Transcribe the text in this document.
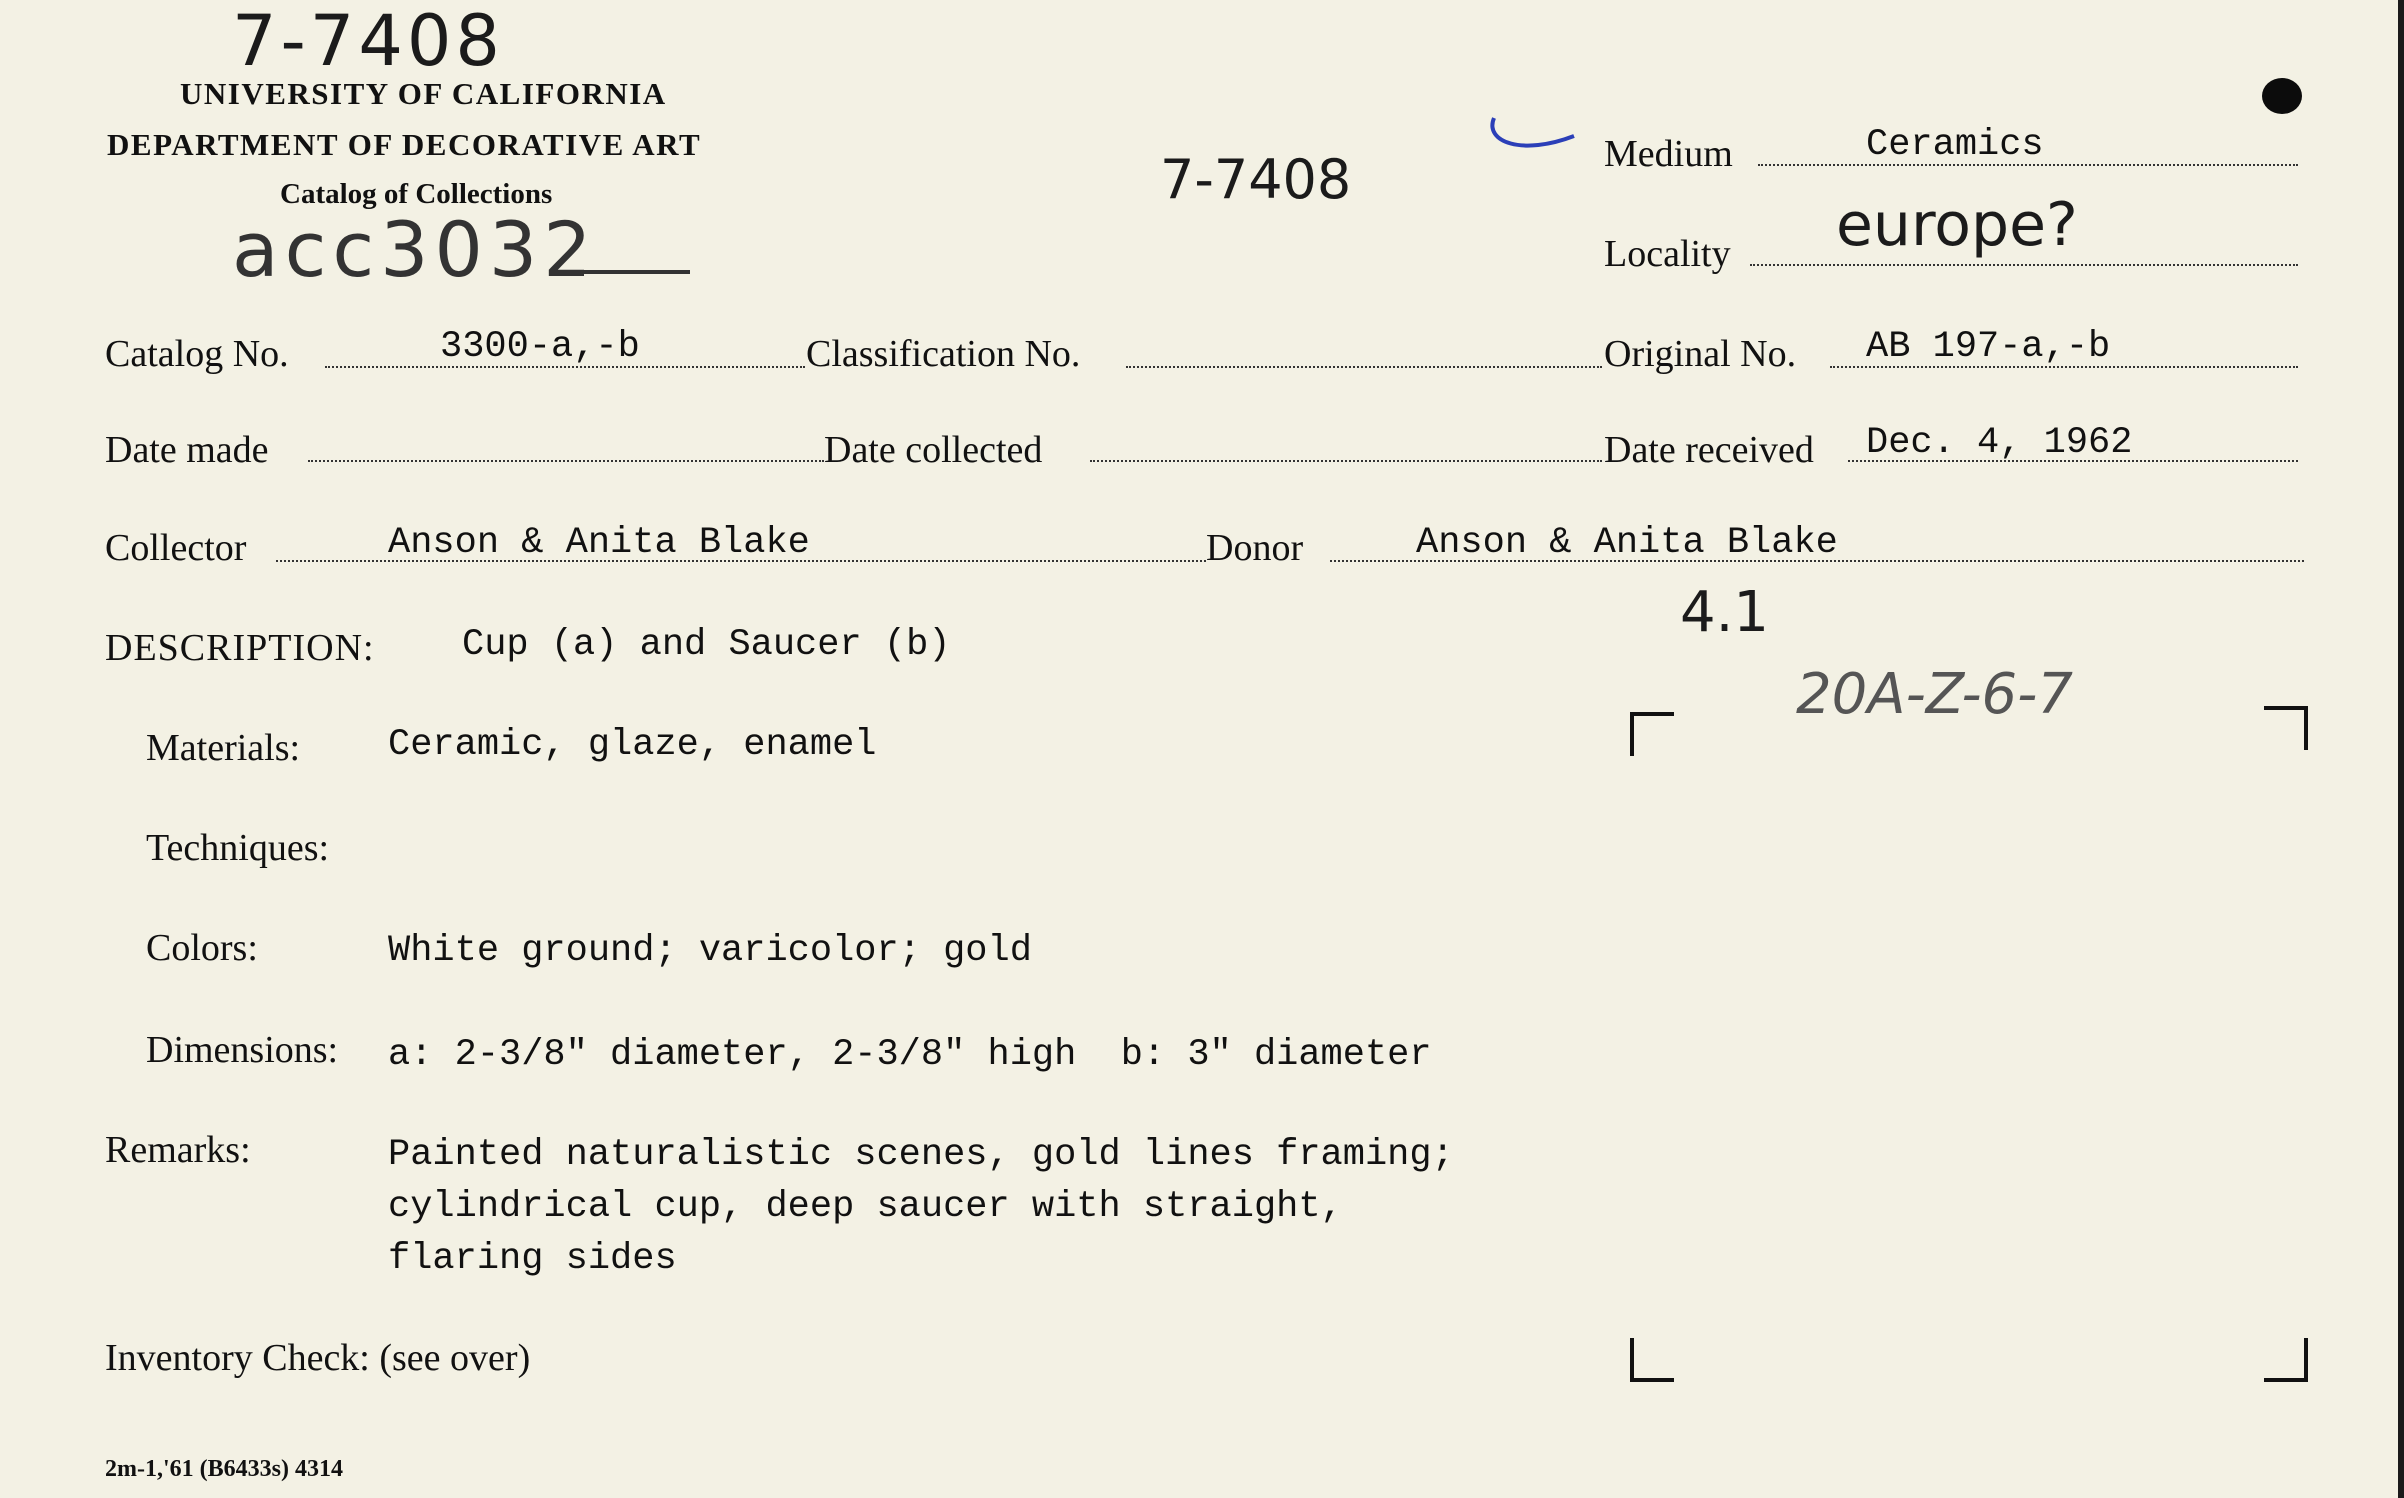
7-7408
UNIVERSITY OF CALIFORNIA
DEPARTMENT OF DECORATIVE ART
Catalog of Collections
acc3032
7-7408	Medium	Ceramics
Locality europe?
Catalog No.	3300-a,-b	Classification No.	Original No. AB 197-a,-b
Date made	Date collected	Date received Dec. 4, 1962
Collector	Anson & Anita Blake	Donor	Anson & Anita Blake
4.1
DESCRIPTION: Cup (a) and Saucer (b)
20A-Z-6-7
Materials: Ceramic, glaze, enamel
Techniques:
Colors:	White ground; varicolor; gold
Dimensions: a: 2-3/8" diameter, 2-3/8" high  b: 3" diameter
Remarks:	Painted naturalistic scenes, gold lines framing;
cylindrical cup, deep saucer with straight,
flaring sides
Inventory Check: (see over)
2m-1,'61 (B6433s) 4314
